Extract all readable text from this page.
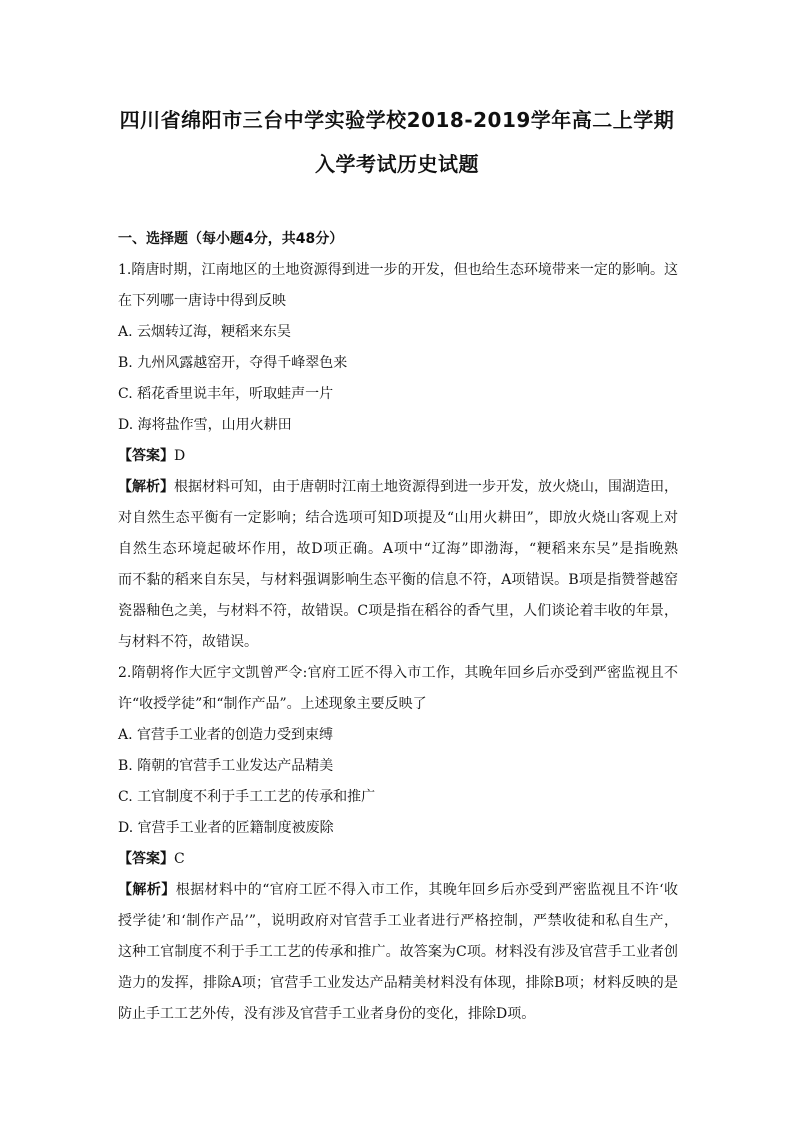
四川省绵阳市三台中学实验学校2018-2019学年高二上学期
入学考试历史试题
一、选择题（每小题4分，共48分）
1.隋唐时期，江南地区的土地资源得到进一步的开发，但也给生态环境带来一定的影响。这
在下列哪一唐诗中得到反映
A. 云烟转辽海，粳稻来东吴
B. 九州风露越窑开，夺得千峰翠色来
C. 稻花香里说丰年，听取蛙声一片
D. 海将盐作雪，山用火耕田
【答案】D
【解析】根据材料可知，由于唐朝时江南土地资源得到进一步开发，放火烧山，围湖造田，
对自然生态平衡有一定影响；结合选项可知D项提及“山用火耕田”，即放火烧山客观上对
自然生态环境起破坏作用，故D项正确。A项中“辽海”即渤海，“粳稻来东吴”是指晚熟
而不黏的稻来自东吴，与材料强调影响生态平衡的信息不符，A项错误。B项是指赞誉越窑
瓷器釉色之美，与材料不符，故错误。C项是指在稻谷的香气里，人们谈论着丰收的年景，
与材料不符，故错误。
2.隋朝将作大匠宇文凯曾严令:官府工匠不得入市工作，其晚年回乡后亦受到严密监视且不
许“收授学徒”和“制作产品”。上述现象主要反映了
A. 官营手工业者的创造力受到束缚
B. 隋朝的官营手工业发达产品精美
C. 工官制度不利于手工工艺的传承和推广
D. 官营手工业者的匠籍制度被废除
【答案】C
【解析】根据材料中的“官府工匠不得入市工作，其晚年回乡后亦受到严密监视且不许‘收
授学徒’和‘制作产品’”，说明政府对官营手工业者进行严格控制，严禁收徒和私自生产，
这种工官制度不利于手工工艺的传承和推广。故答案为C项。材料没有涉及官营手工业者创
造力的发挥，排除A项；官营手工业发达产品精美材料没有体现，排除B项；材料反映的是
防止手工工艺外传，没有涉及官营手工业者身份的变化，排除D项。
